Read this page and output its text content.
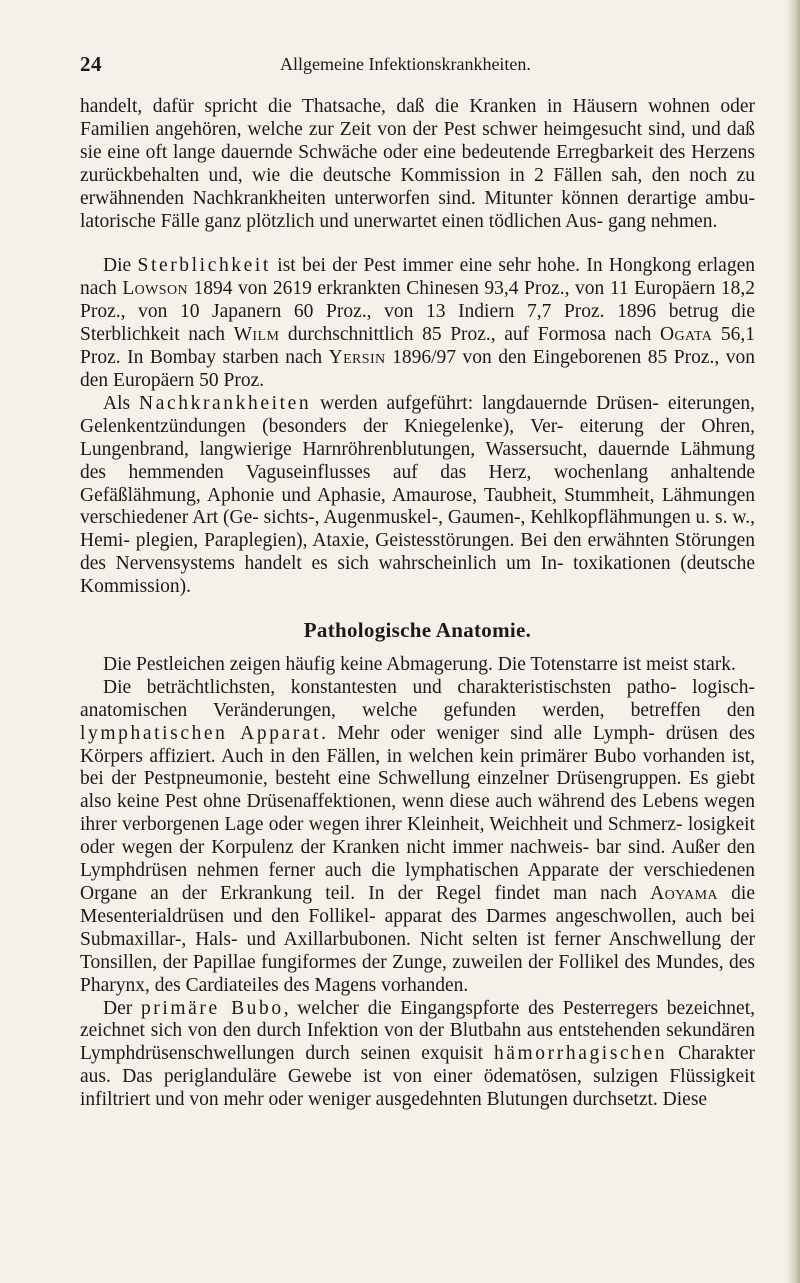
24	Allgemeine Infektionskrankheiten.

handelt, dafür spricht die Thatsache, daß die Kranken in Häusern wohnen oder Familien angehören, welche zur Zeit von der Pest schwer heimgesucht sind, und daß sie eine oft lange dauernde Schwäche oder eine bedeutende Erregbarkeit des Herzens zurückbehalten und, wie die deutsche Kommission in 2 Fällen sah, den noch zu erwähnenden Nachkrankheiten unterworfen sind. Mitunter können derartige ambu- latorische Fälle ganz plötzlich und unerwartet einen tödlichen Aus- gang nehmen.

Die Sterblichkeit ist bei der Pest immer eine sehr hohe. In Hongkong erlagen nach Lowson 1894 von 2619 erkrankten Chinesen 93,4 Proz., von 11 Europäern 18,2 Proz., von 10 Japanern 60 Proz., von 13 Indiern 7,7 Proz. 1896 betrug die Sterblichkeit nach Wilm durchschnittlich 85 Proz., auf Formosa nach Ogata 56,1 Proz. In Bombay starben nach Yersin 1896/97 von den Eingeborenen 85 Proz., von den Europäern 50 Proz.

Als Nachkrankheiten werden aufgeführt: langdauernde Drüsen- eiterungen, Gelenkentzündungen (besonders der Kniegelenke), Ver- eiterung der Ohren, Lungenbrand, langwierige Harnröhrenblutungen, Wassersucht, dauernde Lähmung des hemmenden Vaguseinflusses auf das Herz, wochenlang anhaltende Gefäßlähmung, Aphonie und Aphasie, Amaurose, Taubheit, Stummheit, Lähmungen verschiedener Art (Ge- sichts-, Augenmuskel-, Gaumen-, Kehlkopflähmungen u. s. w., Hemi- plegien, Paraplegien), Ataxie, Geistesstörungen. Bei den erwähnten Störungen des Nervensystems handelt es sich wahrscheinlich um In- toxikationen (deutsche Kommission).

Pathologische Anatomie.

Die Pestleichen zeigen häufig keine Abmagerung. Die Totenstarre ist meist stark.

Die beträchtlichsten, konstantesten und charakteristischsten patho- logisch-anatomischen Veränderungen, welche gefunden werden, betreffen den lymphatischen Apparat. Mehr oder weniger sind alle Lymph- drüsen des Körpers affiziert. Auch in den Fällen, in welchen kein primärer Bubo vorhanden ist, bei der Pestpneumonie, besteht eine Schwellung einzelner Drüsengruppen. Es giebt also keine Pest ohne Drüsenaffektionen, wenn diese auch während des Lebens wegen ihrer verborgenen Lage oder wegen ihrer Kleinheit, Weichheit und Schmerz- losigkeit oder wegen der Korpulenz der Kranken nicht immer nachweis- bar sind. Außer den Lymphdrüsen nehmen ferner auch die lymphatischen Apparate der verschiedenen Organe an der Erkrankung teil. In der Regel findet man nach Aoyama die Mesenterialdrüsen und den Follikel- apparat des Darmes angeschwollen, auch bei Submaxillar-, Hals- und Axillarbubonen. Nicht selten ist ferner Anschwellung der Tonsillen, der Papillae fungiformes der Zunge, zuweilen der Follikel des Mundes, des Pharynx, des Cardiateiles des Magens vorhanden.

Der primäre Bubo, welcher die Eingangspforte des Pesterregers bezeichnet, zeichnet sich von den durch Infektion von der Blutbahn aus entstehenden sekundären Lymphdrüsenschwellungen durch seinen exquisit hämorrhagischen Charakter aus. Das periglanduläre Gewebe ist von einer ödematösen, sulzigen Flüssigkeit infiltriert und von mehr oder weniger ausgedehnten Blutungen durchsetzt. Diese
